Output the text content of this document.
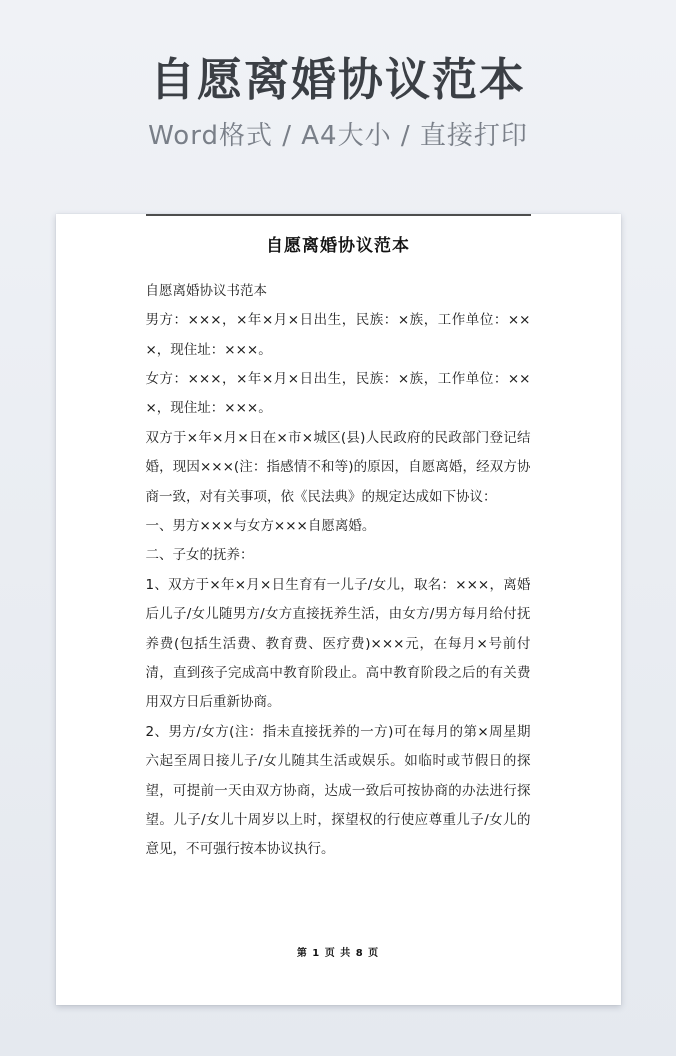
自愿离婚协议范本
Word格式 / A4大小 / 直接打印
自愿离婚协议范本

自愿离婚协议书范本

男方：×××，×年×月×日出生，民族：×族，工作单位：×××，现住址：×××。

女方：×××，×年×月×日出生，民族：×族，工作单位：×××，现住址：×××。

双方于×年×月×日在×市×城区(县)人民政府的民政部门登记结婚，现因×××(注：指感情不和等)的原因，自愿离婚，经双方协商一致，对有关事项，依《民法典》的规定达成如下协议：

一、男方×××与女方×××自愿离婚。

二、子女的抚养：

1、双方于×年×月×日生育有一儿子/女儿，取名：×××，离婚后儿子/女儿随男方/女方直接抚养生活，由女方/男方每月给付抚养费(包括生活费、教育费、医疗费)×××元，在每月×号前付清，直到孩子完成高中教育阶段止。高中教育阶段之后的有关费用双方日后重新协商。

2、男方/女方(注：指未直接抚养的一方)可在每月的第×周星期六起至周日接儿子/女儿随其生活或娱乐。如临时或节假日的探望，可提前一天由双方协商，达成一致后可按协商的办法进行探望。儿子/女儿十周岁以上时，探望权的行使应尊重儿子/女儿的意见，不可强行按本协议执行。

第 1 页 共 8 页
